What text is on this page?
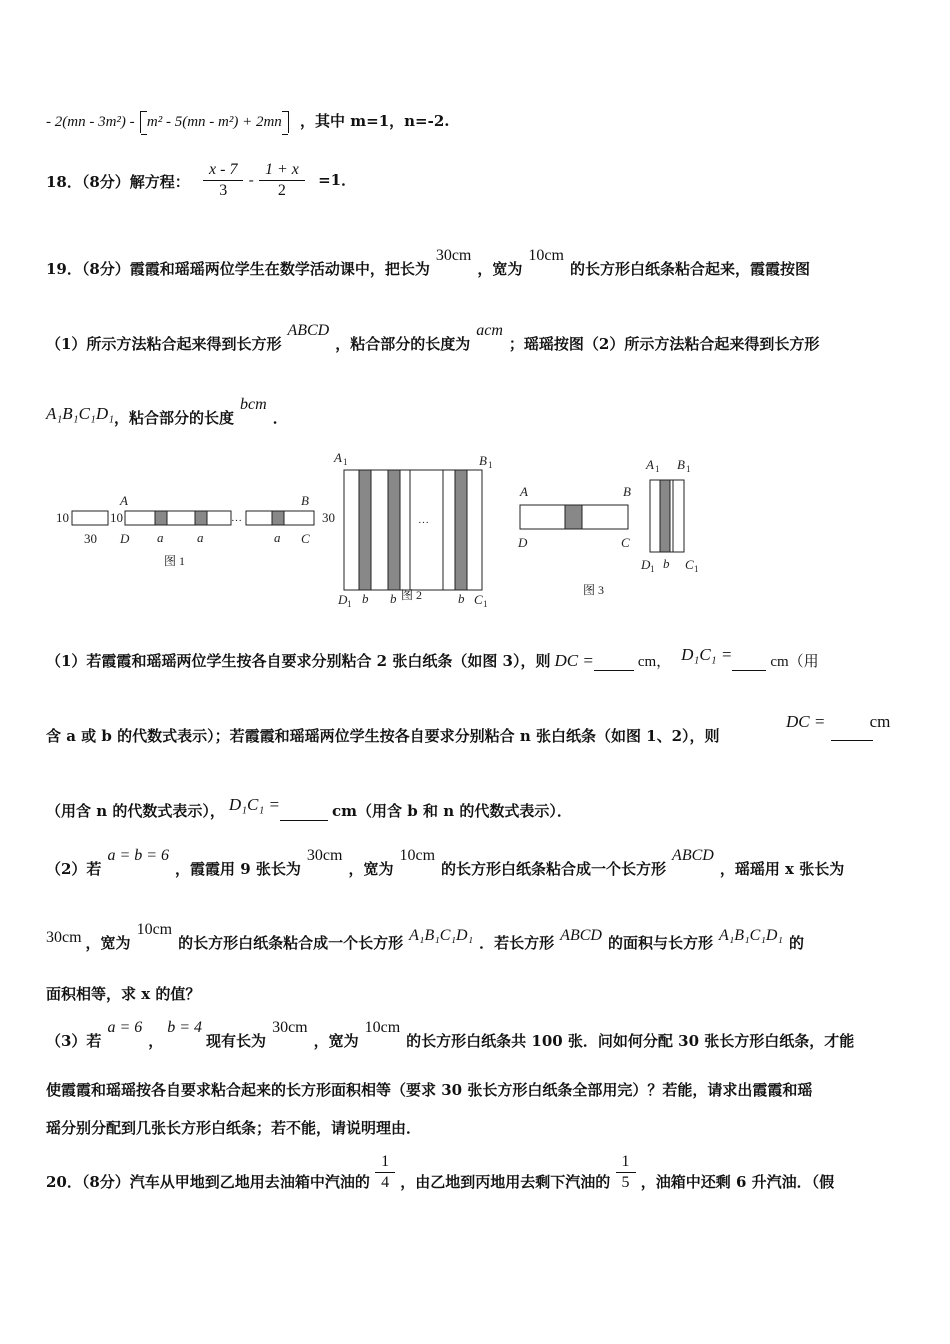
- 2(mn - 3m²) - m² - 5(mn - m²) + 2mn ，其中 m=1，n=-2.
18．（8分）解方程： $\frac{x - 7}{3} - \frac{1 + x}{2} =1$．
19．（8分）霞霞和瑶瑶两位学生在数学活动课中，把长为30cm，宽为10cm的长方形白纸条粘合起来，霞霞按图
（1）所示方法粘合起来得到长方形ABCD，粘合部分的长度为acm；瑶瑶按图（2）所示方法粘合起来得到长方形
A₁B₁C₁D₁，粘合部分的长度bcm．
10
30
10	···
A	B
D	C
a	a	a
图 1
···
30
A 1	B 1
D 1	C 1
b b	b
图 2
A	B
D	C
A 1 B 1
D 1 b C 1
图 3
（1）若霞霞和瑶瑶两位学生按各自要求分别粘合 2 张白纸条（如图 3），则 DC =	cm， D₁C₁ =	cm（用
含 a 或 b 的代数式表示）；若霞霞和瑶瑶两位学生按各自要求分别粘合 n 张白纸条（如图 1、2），则
DC =	cm
（用含 n 的代数式表示）， D₁C₁ =	cm（用含 b 和 n 的代数式表示）．
（2）若a = b = 6，霞霞用 9 张长为30cm，宽为10cm的长方形白纸条粘合成一个长方形ABCD，瑶瑶用 x 张长为
30cm ，宽为10cm的长方形白纸条粘合成一个长方形 A₁B₁C₁D₁ ．若长方形 ABCD 的面积与长方形 A₁B₁C₁D₁ 的
面积相等，求 x 的值？
（3）若a = 6，b = 4现有长为30cm，宽为10cm的长方形白纸条共 100 张．问如何分配 30 张长方形白纸条，才能
使霞霞和瑶瑶按各自要求粘合起来的长方形面积相等（要求 30 张长方形白纸条全部用完）？若能，请求出霞霞和瑶
瑶分别分配到几张长方形白纸条；若不能，请说明理由．
20．（8分）汽车从甲地到乙地用去油箱中汽油的 $\frac{1}{4}$ ，由乙地到丙地用去剩下汽油的 $\frac{1}{5}$ ，油箱中还剩 6 升汽油．（假
